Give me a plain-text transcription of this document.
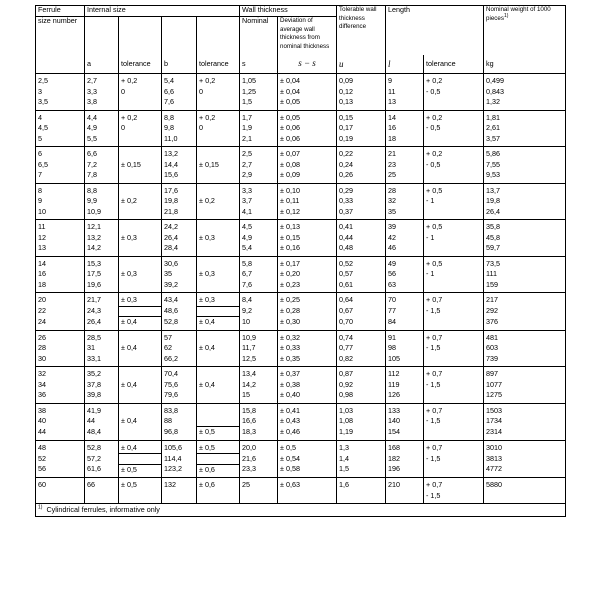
Ferrule	Internal size				Wall thickness		Tolerable wall thickness difference	Length		Nominal weight of 1000 pieces$^{1)}$
size number					Nominal	Deviation of average wall thickness from nominal thickness				
	a	tolerance	b	tolerance	s	s − s	u	l	tolerance	kg
2,5	2,7	+ 0,2	5,4	+ 0,2	1,05	± 0,04	0,09	9	+ 0,2	0,499
3	3,3	0	6,6	0	1,25	± 0,04	0,12	11	- 0,5	0,843
3,5	3,8		7,6		1,5	± 0,05	0,13	13		1,32
4	4,4	+ 0,2	8,8	+ 0,2	1,7	± 0,05	0,15	14	+ 0,2	1,81
4,5	4,9	0	9,8	0	1,9	± 0,06	0,17	16	- 0,5	2,61
5	5,5		11,0		2,1	± 0,06	0,19	18		3,57
6	6,6		13,2		2,5	± 0,07	0,22	21	+ 0,2	5,86
6,5	7,2	± 0,15	14,4	± 0,15	2,7	± 0,08	0,24	23	- 0,5	7,55
7	7,8		15,6		2,9	± 0,09	0,26	25		9,53
8	8,8		17,6		3,3	± 0,10	0,29	28	+ 0,5	13,7
9	9,9	± 0,2	19,8	± 0,2	3,7	± 0,11	0,33	32	- 1	19,8
10	10,9		21,8		4,1	± 0,12	0,37	35		26,4
11	12,1		24,2		4,5	± 0,13	0,41	39	+ 0,5	35,8
12	13,2	± 0,3	26,4	± 0,3	4,9	± 0,15	0,44	42	- 1	45,8
13	14,2		28,4		5,4	± 0,16	0,48	46		59,7
14	15,3		30,6		5,8	± 0,17	0,52	49	+ 0,5	73,5
16	17,5	± 0,3	35	± 0,3	6,7	± 0,20	0,57	56	- 1	111
18	19,6		39,2		7,6	± 0,23	0,61	63		159
20	21,7	± 0,3	43,4	± 0,3	8,4	± 0,25	0,64	70	+ 0,7	217
22	24,3		48,6		9,2	± 0,28	0,67	77	- 1,5	292
24	26,4	± 0,4	52,8	± 0,4	10	± 0,30	0,70	84		376
26	28,5		57		10,9	± 0,32	0,74	91	+ 0,7	481
28	31	± 0,4	62	± 0,4	11,7	± 0,33	0,77	98	- 1,5	603
30	33,1		66,2		12,5	± 0,35	0,82	105		739
32	35,2		70,4		13,4	± 0,37	0,87	112	+ 0,7	897
34	37,8	± 0,4	75,6	± 0,4	14,2	± 0,38	0,92	119	- 1,5	1077
36	39,8		79,6		15	± 0,40	0,98	126		1275
38	41,9		83,8		15,8	± 0,41	1,03	133	+ 0,7	1503
40	44	± 0,4	88		16,6	± 0,43	1,08	140	- 1,5	1734
44	48,4		96,8	± 0,5	18,3	± 0,46	1,19	154		2314
48	52,8	± 0,4	105,6	± 0,5	20,0	± 0,5	1,3	168	+ 0,7	3010
52	57,2		114,4		21,6	± 0,54	1,4	182	- 1,5	3813
56	61,6	± 0,5	123,2	± 0,6	23,3	± 0,58	1,5	196		4772
60	66	± 0,5	132	± 0,6	25	± 0,63	1,6	210	+ 0,7	5880
									- 1,5	
$^{1)}$ Cylindrical ferrules, informative only										
